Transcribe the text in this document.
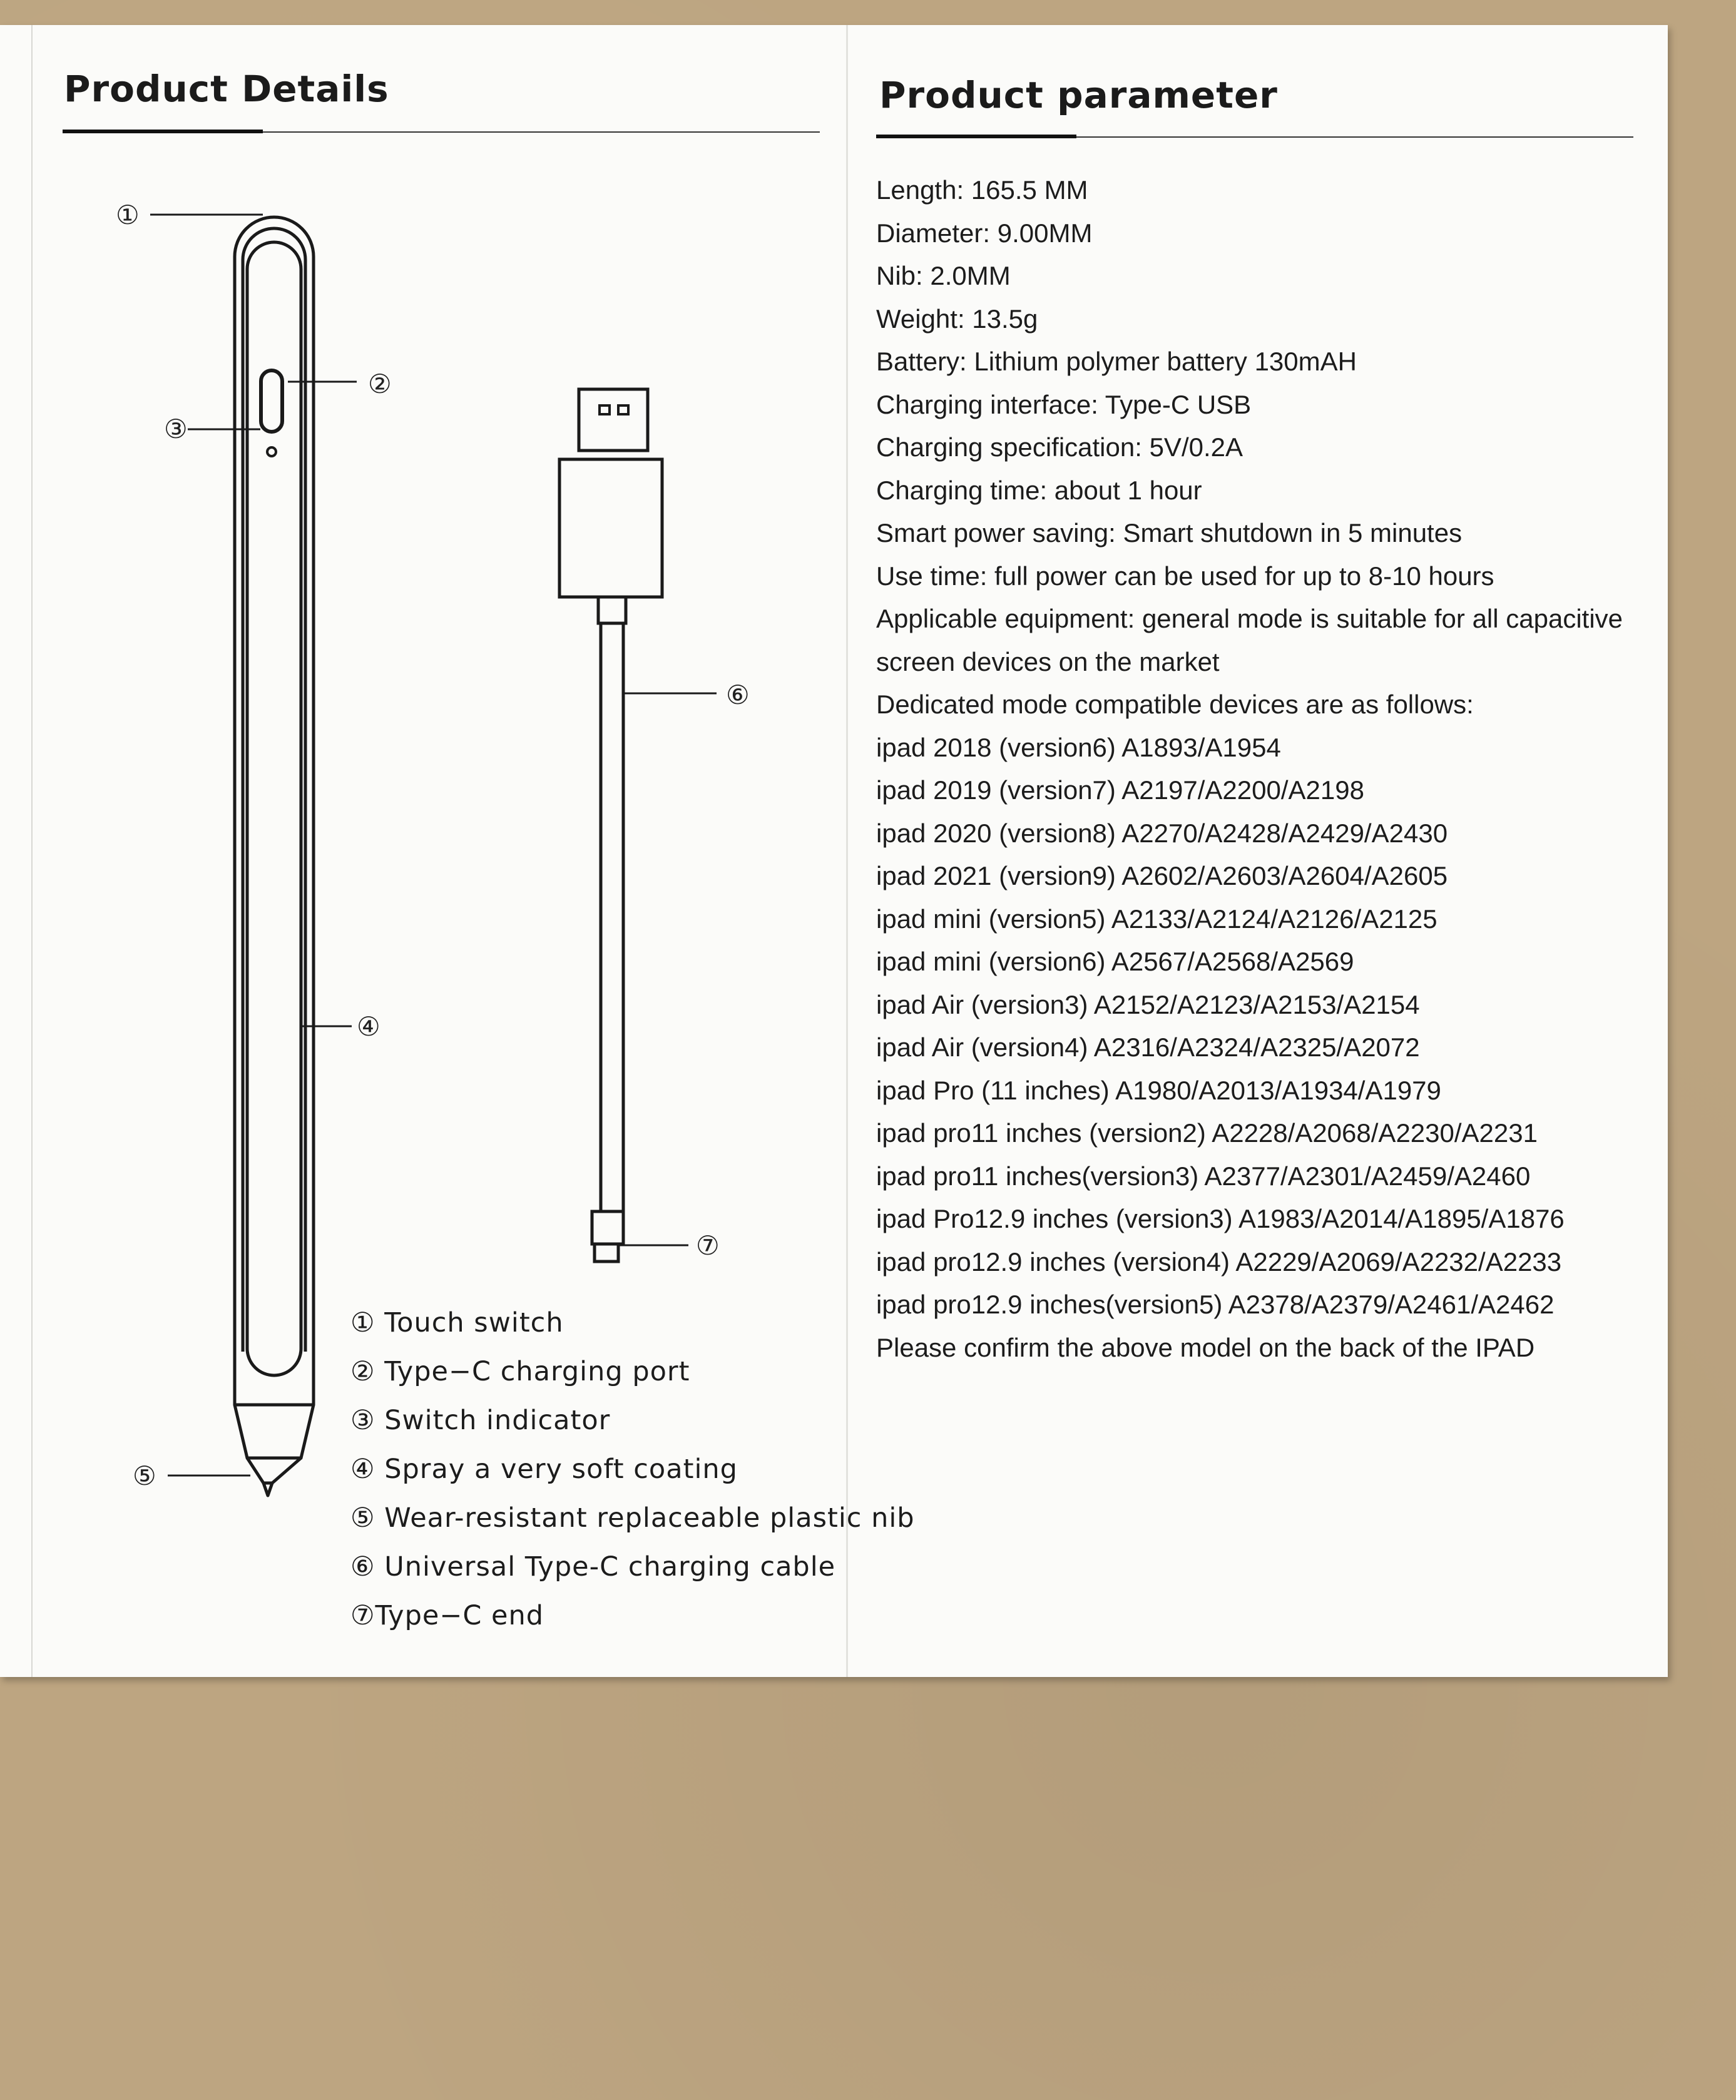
Product Details	Product parameter
①
②
③
④
⑤
⑥
⑦
① Touch switch
② Type−C charging port
③ Switch indicator
④ Spray a very soft coating
⑤ Wear-resistant replaceable plastic nib
⑥ Universal Type-C charging cable
⑦Type−C end
Length: 165.5 MM
Diameter: 9.00MM
Nib: 2.0MM
Weight: 13.5g
Battery: Lithium polymer battery 130mAH
Charging interface: Type-C USB
Charging specification: 5V/0.2A
Charging time: about 1 hour
Smart power saving: Smart shutdown in 5 minutes
Use time: full power can be used for up to 8-10 hours
Applicable equipment: general mode is suitable for all capacitive
screen devices on the market
Dedicated mode compatible devices are as follows:
ipad 2018 (version6) A1893/A1954
ipad 2019 (version7) A2197/A2200/A2198
ipad 2020 (version8) A2270/A2428/A2429/A2430
ipad 2021 (version9) A2602/A2603/A2604/A2605
ipad mini (version5) A2133/A2124/A2126/A2125
ipad mini (version6) A2567/A2568/A2569
ipad Air (version3) A2152/A2123/A2153/A2154
ipad Air (version4) A2316/A2324/A2325/A2072
ipad Pro (11 inches) A1980/A2013/A1934/A1979
ipad pro11 inches (version2) A2228/A2068/A2230/A2231
ipad pro11 inches(version3) A2377/A2301/A2459/A2460
ipad Pro12.9 inches (version3) A1983/A2014/A1895/A1876
ipad pro12.9 inches (version4) A2229/A2069/A2232/A2233
ipad pro12.9 inches(version5) A2378/A2379/A2461/A2462
Please confirm the above model on the back of the IPAD
